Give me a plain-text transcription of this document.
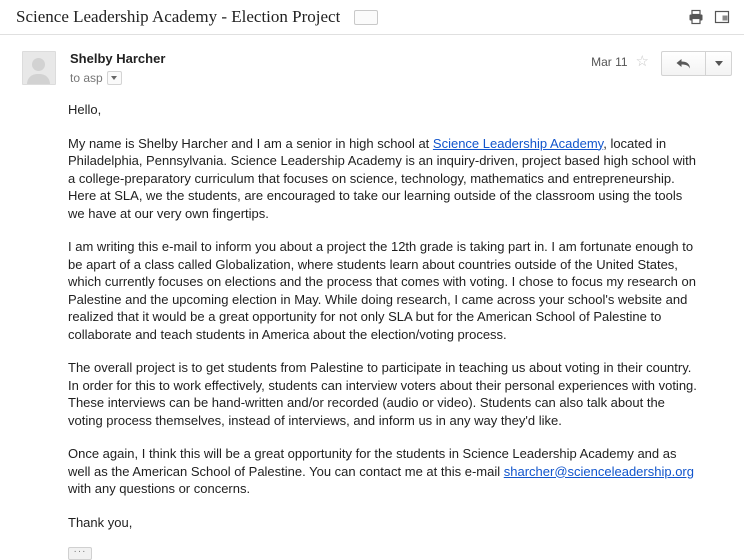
Science Leadership Academy - Election Project
Shelby Harcher
to asp
Mar 11 ☆

Hello,

My name is Shelby Harcher and I am a senior in high school at Science Leadership Academy, located in Philadelphia, Pennsylvania. Science Leadership Academy is an inquiry-driven, project based high school with a college-preparatory curriculum that focuses on science, technology, mathematics and entrepreneurship. Here at SLA, we the students, are encouraged to take our learning outside of the classroom using the tools we have at our very own fingertips.

I am writing this e-mail to inform you about a project the 12th grade is taking part in. I am fortunate enough to be apart of a class called Globalization, where students learn about countries outside of the United States, which currently focuses on elections and the process that comes with voting. I chose to focus my research on Palestine and the upcoming election in May. While doing research, I came across your school's website and realized that it would be a great opportunity for not only SLA but for the American School of Palestine to collaborate and teach students in America about the election/voting process.

The overall project is to get students from Palestine to participate in teaching us about voting in their country. In order for this to work effectively, students can interview voters about their personal experiences with voting. These interviews can be hand-written and/or recorded (audio or video). Students can also talk about the voting process themselves, instead of interviews, and inform us in any way they'd like.

Once again, I think this will be a great opportunity for the students in Science Leadership Academy and as well as the American School of Palestine. You can contact me at this e-mail sharcher@scienceleadership.org with any questions or concerns.

Thank you,

···
